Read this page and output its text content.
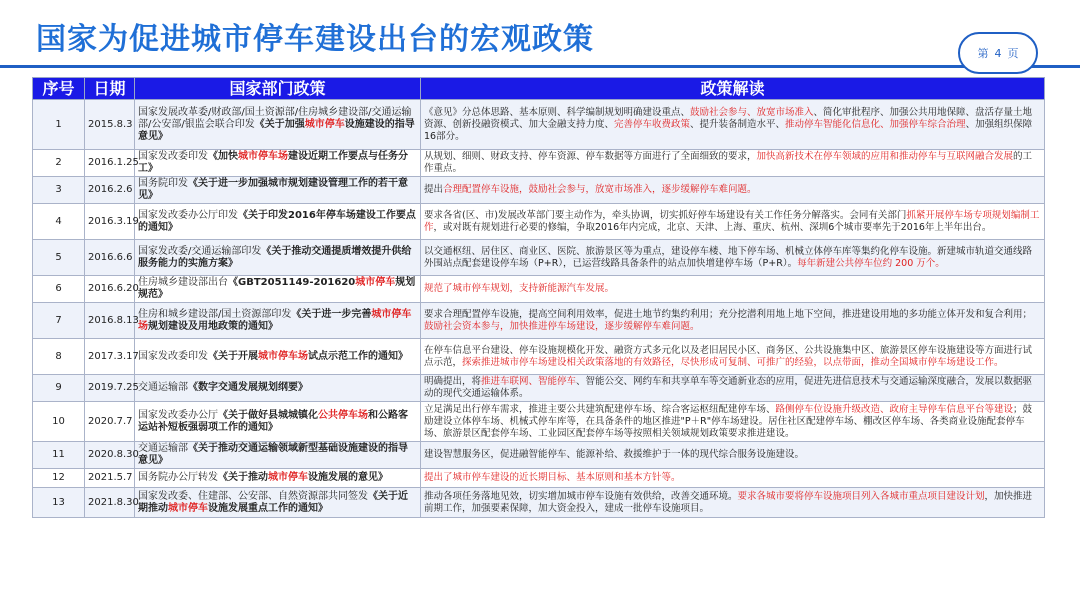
国家为促进城市停车建设出台的宏观政策	第 4 页
序号	日期	国家部门政策	政策解读
1	2015.8.3	国家发展改革委/财政部/国土资源部/住房城乡建设部/交通运输部/公安部/银监会联合印发《关于加强城市停车设施建设的指导意见》	《意见》分总体思路、基本原则、科学编制规划明确建设重点、鼓励社会参与、放宽市场准入、简化审批程序、加强公共用地保障、盘活存量土地资源、创新投融资模式、加大金融支持力度、完善停车收费政策、提升装备制造水平、推动停车智能化信息化、加强停车综合治理、加强组织保障16部分。
2	2016.1.25	国家发改委印发《加快城市停车场建设近期工作要点与任务分工》	从规划、细则、财政支持、停车资源、停车数据等方面进行了全面细致的要求，加快高新技术在停车领域的应用和推动停车与互联网融合发展的工作重点。
3	2016.2.6	国务院印发《关于进一步加强城市规划建设管理工作的若干意见》	提出合理配置停车设施，鼓励社会参与，放宽市场准入，逐步缓解停车难问题。
4	2016.3.19	国家发改委办公厅印发《关于印发2016年停车场建设工作要点的通知》	要求各省(区、市)发展改革部门要主动作为，牵头协调，切实抓好停车场建设有关工作任务分解落实。会同有关部门抓紧开展停车场专项规划编制工作，或对既有规划进行必要的修编，争取2016年内完成，北京、天津、上海、重庆、杭州、深圳6个城市要率先于2016年上半年出台。
5	2016.6.6	国家发改委/交通运输部印发《关于推动交通提质增效提升供给服务能力的实施方案》	以交通枢纽、居住区、商业区、医院、旅游景区等为重点，建设停车楼、地下停车场、机械立体停车库等集约化停车设施。新建城市轨道交通线路外围站点配套建设停车场（P+R），已运营线路具备条件的站点加快增建停车场（P+R）。每年新建公共停车位约 200 万个。
6	2016.6.20	住房城乡建设部出台《GBT2051149-201620城市停车规划规范》	规范了城市停车规划，支持新能源汽车发展。
7	2016.8.13	住房和城乡建设部/国土资源部印发《关于进一步完善城市停车场规划建设及用地政策的通知》	要求合理配置停车设施，提高空间利用效率，促进土地节约集约利用；充分挖潜利用地上地下空间，推进建设用地的多功能立体开发和复合利用；鼓励社会资本参与，加快推进停车场建设，逐步缓解停车难问题。
8	2017.3.17	国家发改委印发《关于开展城市停车场试点示范工作的通知》	在停车信息平台建设、停车设施规模化开发、融资方式多元化以及老旧居民小区、商务区、公共设施集中区、旅游景区停车设施建设等方面进行试点示范，探索推进城市停车场建设相关政策落地的有效路径，尽快形成可复制、可推广的经验，以点带面，推动全国城市停车场建设工作。
9	2019.7.25	交通运输部《数字交通发展规划纲要》	明确提出，将推进车联网、智能停车、智能公交、网约车和共享单车等交通新业态的应用，促进先进信息技术与交通运输深度融合，发展以数据驱动的现代交通运输体系。
10	2020.7.7	国家发改委办公厅《关于做好县城城镇化公共停车场和公路客运站补短板强弱项工作的通知》	立足满足出行停车需求，推进主要公共建筑配建停车场、综合客运枢纽配建停车场、路侧停车位设施升级改造、政府主导停车信息平台等建设；鼓励建设立体停车场、机械式停车库等，在具备条件的地区推进"P＋R"停车场建设。居住社区配建停车场、棚改区停车场、各类商业设施配套停车场、旅游景区配套停车场、工业园区配套停车场等按照相关领域规划政策要求推进建设。
11	2020.8.30	交通运输部《关于推动交通运输领域新型基础设施建设的指导意见》	建设智慧服务区，促进融智能停车、能源补给、救援维护于一体的现代综合服务设施建设。
12	2021.5.7	国务院办公厅转发《关于推动城市停车设施发展的意见》	提出了城市停车建设的近长期目标、基本原则和基本方针等。
13	2021.8.30	国家发改委、住建部、公安部、自然资源部共同签发《关于近期推动城市停车设施发展重点工作的通知》	推动各项任务落地见效，切实增加城市停车设施有效供给，改善交通环境。要求各城市要将停车设施项目列入各城市重点项目建设计划，加快推进前期工作，加强要素保障，加大资金投入，建成一批停车设施项目。
